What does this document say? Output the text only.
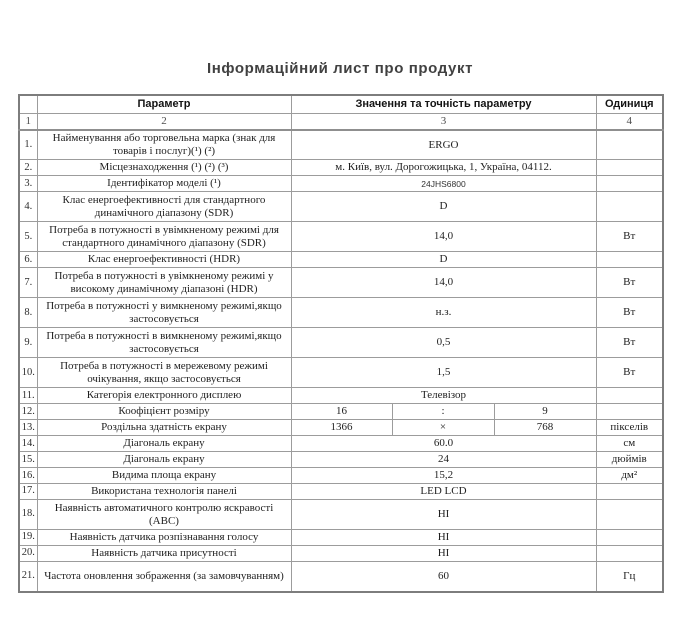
Інформаційний лист про продукт
	Параметр	Значення та точність параметру			Одиниця
1	2	3			4
1.	Найменування або торговельна марка (знак для товарів і послуг)(¹) (²)	ERGO			
2.	Місцезнаходження (¹) (²) (³)	м. Київ, вул. Дорогожицька, 1, Україна, 04112.			
3.	Ідентифікатор моделі (¹)	24JHS6800			
4.	Клас енергоефективності для стандартного динамічного діапазону (SDR)	D			
5.	Потреба в потужності в увімкненому режимі для стандартного динамічного діапазону (SDR)	14,0			Вт
6.	Клас енергоефективності (HDR)	D			
7.	Потреба в потужності в увімкненому режимі у високому динамічному діапазоні (HDR)	14,0			Вт
8.	Потреба в потужності у вимкненому режимі,якщо застосовується	н.з.			Вт
9.	Потреба в потужності в вимкненому режимі,якщо застосовується	0,5			Вт
10.	Потреба в потужності в мережевому режимі очікування, якщо застосовується	1,5			Вт
11.	Категорія електронного дисплею	Телевізор			
12.	Коофіцієнт розміру	16	:	9	
13.	Роздільна здатність екрану	1366	×	768	пікселів
14.	Діагональ екрану	60.0			см
15.	Діагональ екрану	24			дюймів
16.	Видима площа екрану	15,2			дм²
17.	Використана технологія панелі	LED LCD			
18.	Наявність автоматичного контролю яскравості (АВС)	НІ			
19.	Наявність датчика розпізнавання голосу	НІ			
20.	Наявність датчика присутності	НІ			
21.	Частота оновлення зображення (за замовчуванням)	60			Гц
